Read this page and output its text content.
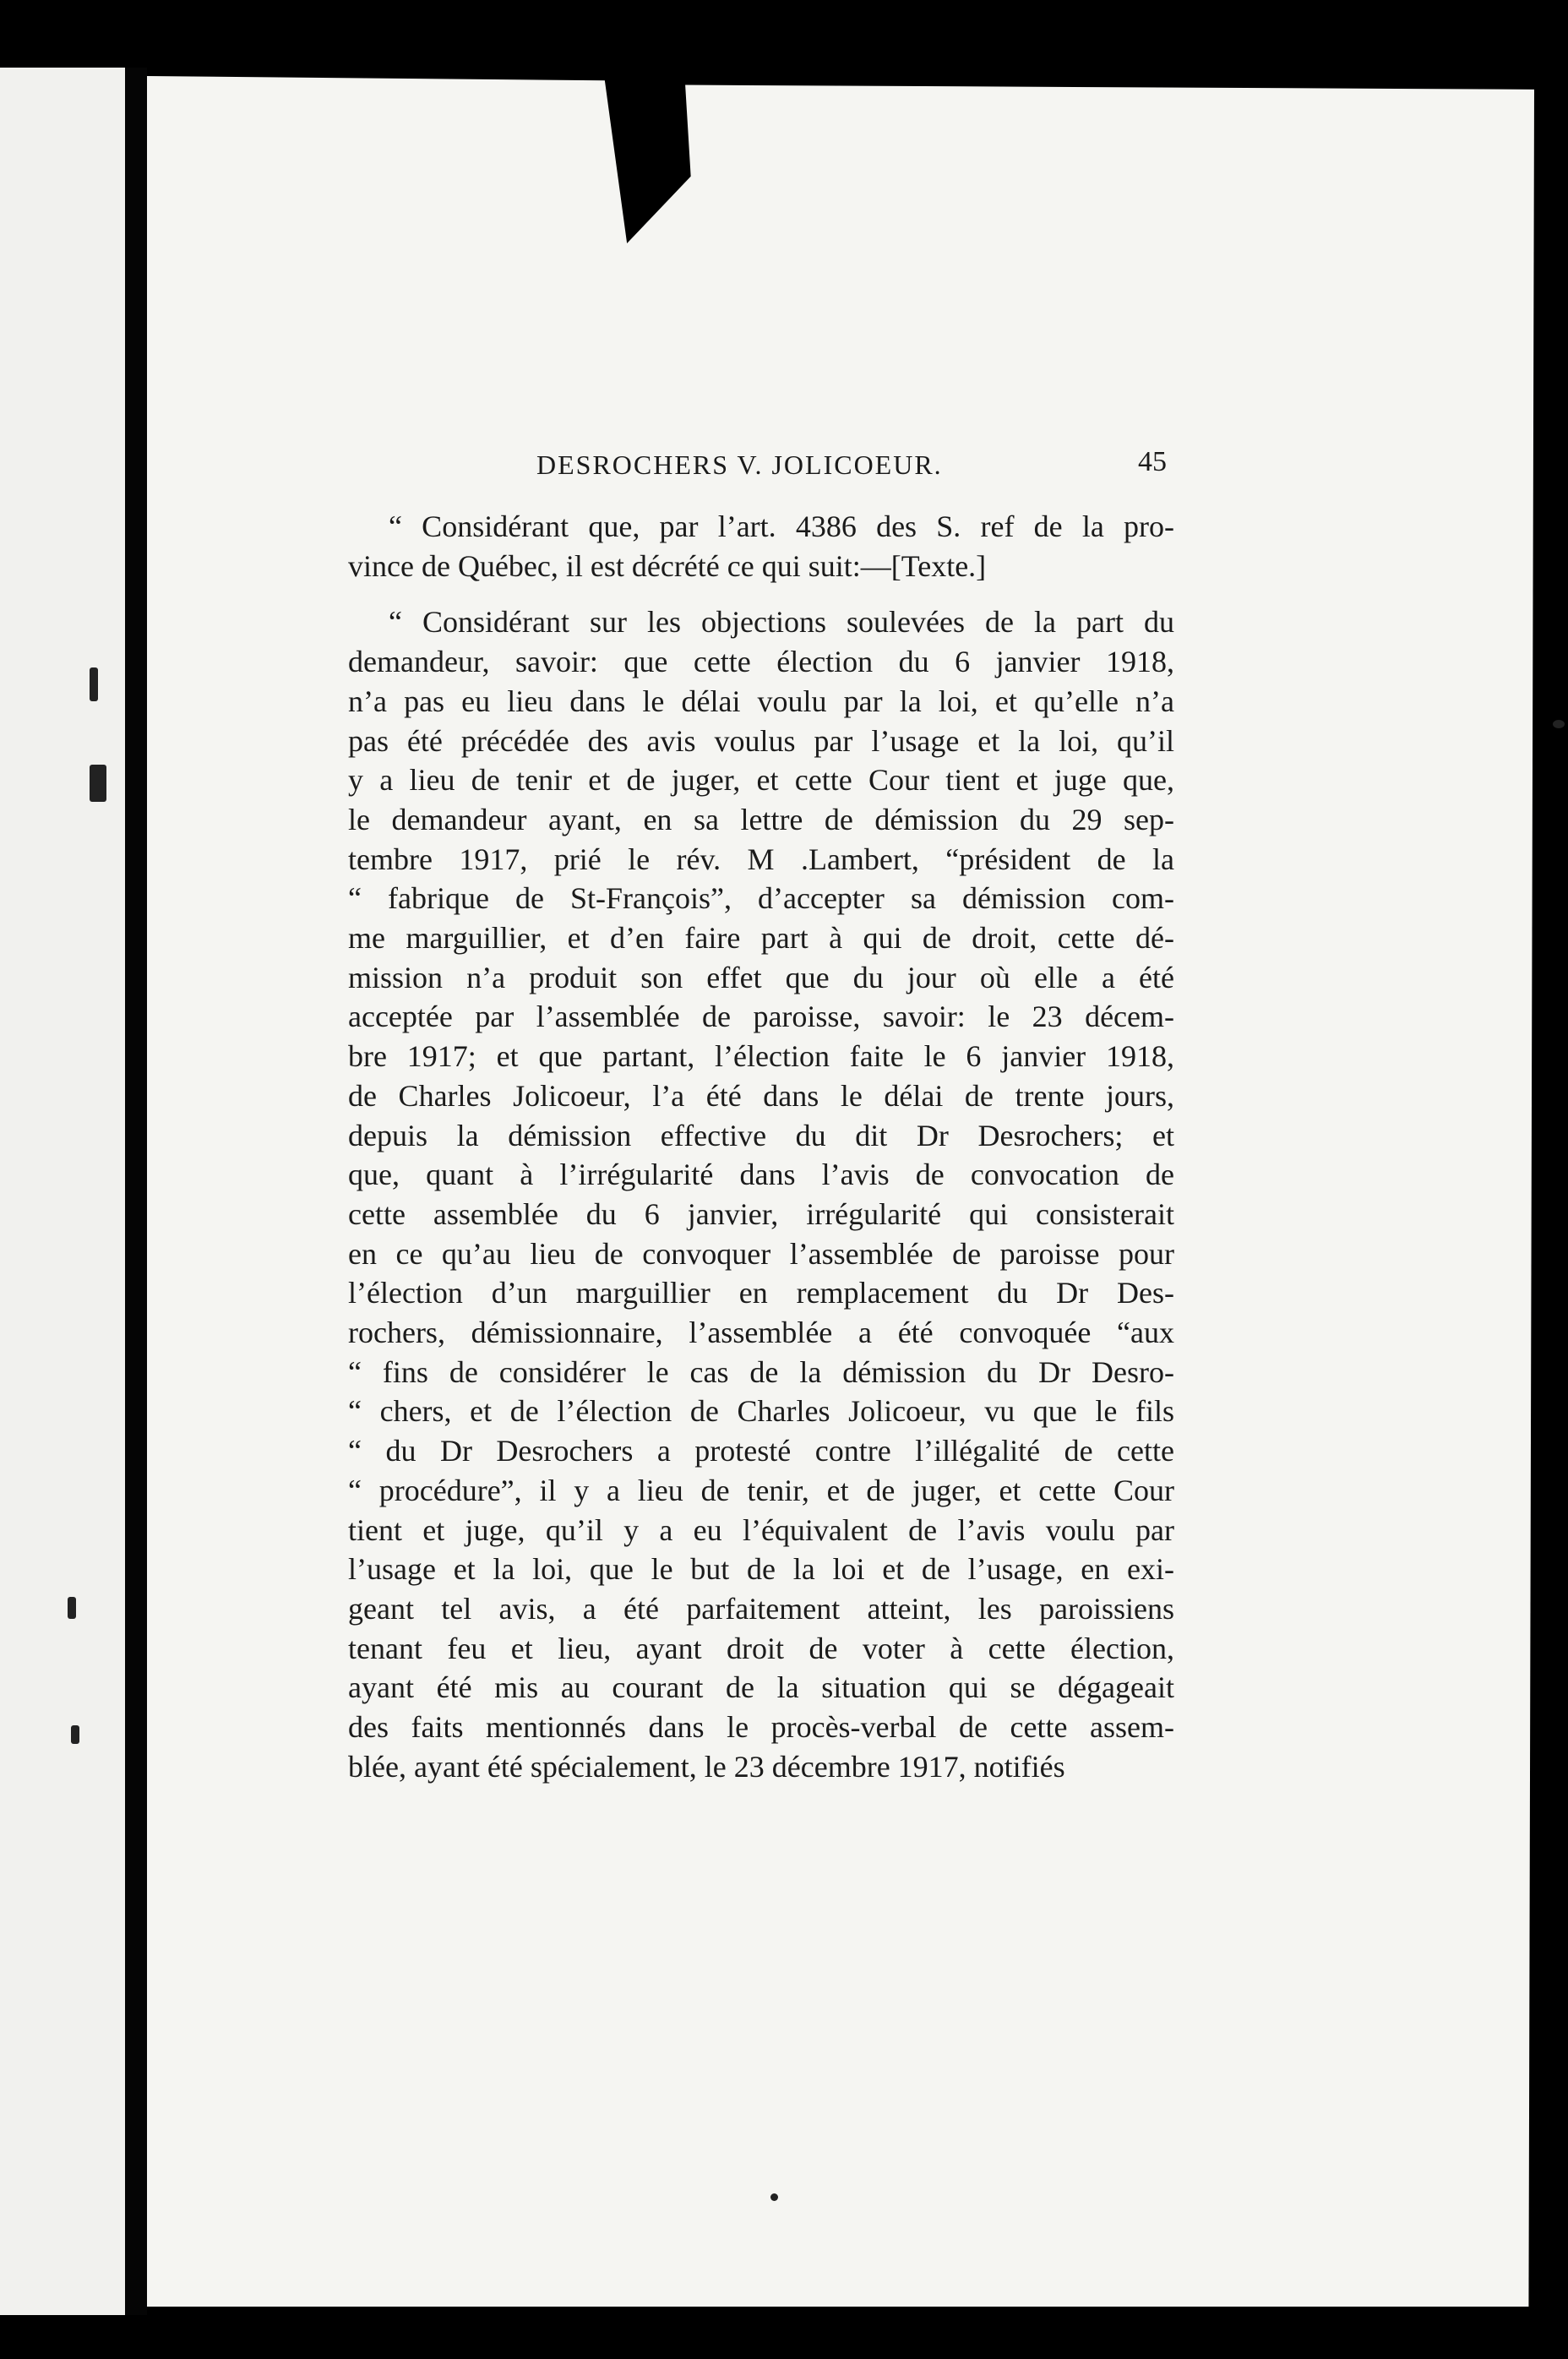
DESROCHERS V. JOLICOEUR.	45
“ Considérant que, par l’art. 4386 des S. ref de la pro-
vince de Québec, il est décrété ce qui suit:—[Texte.]
“ Considérant sur les objections soulevées de la part du
demandeur, savoir: que cette élection du 6 janvier 1918,
n’a pas eu lieu dans le délai voulu par la loi, et qu’elle n’a
pas été précédée des avis voulus par l’usage et la loi, qu’il
y a lieu de tenir et de juger, et cette Cour tient et juge que,
le demandeur ayant, en sa lettre de démission du 29 sep-
tembre 1917, prié le rév. M .Lambert, “président de la
“ fabrique de St-François”, d’accepter sa démission com-
me marguillier, et d’en faire part à qui de droit, cette dé-
mission n’a produit son effet que du jour où elle a été
acceptée par l’assemblée de paroisse, savoir: le 23 décem-
bre 1917; et que partant, l’élection faite le 6 janvier 1918,
de Charles Jolicoeur, l’a été dans le délai de trente jours,
depuis la démission effective du dit Dr Desrochers; et
que, quant à l’irrégularité dans l’avis de convocation de
cette assemblée du 6 janvier, irrégularité qui consisterait
en ce qu’au lieu de convoquer l’assemblée de paroisse pour
l’élection d’un marguillier en remplacement du Dr Des-
rochers, démissionnaire, l’assemblée a été convoquée “aux
“ fins de considérer le cas de la démission du Dr Desro-
“ chers, et de l’élection de Charles Jolicoeur, vu que le fils
“ du Dr Desrochers a protesté contre l’illégalité de cette
“ procédure”, il y a lieu de tenir, et de juger, et cette Cour
tient et juge, qu’il y a eu l’équivalent de l’avis voulu par
l’usage et la loi, que le but de la loi et de l’usage, en exi-
geant tel avis, a été parfaitement atteint, les paroissiens
tenant feu et lieu, ayant droit de voter à cette élection,
ayant été mis au courant de la situation qui se dégageait
des faits mentionnés dans le procès-verbal de cette assem-
blée, ayant été spécialement, le 23 décembre 1917, notifiés
